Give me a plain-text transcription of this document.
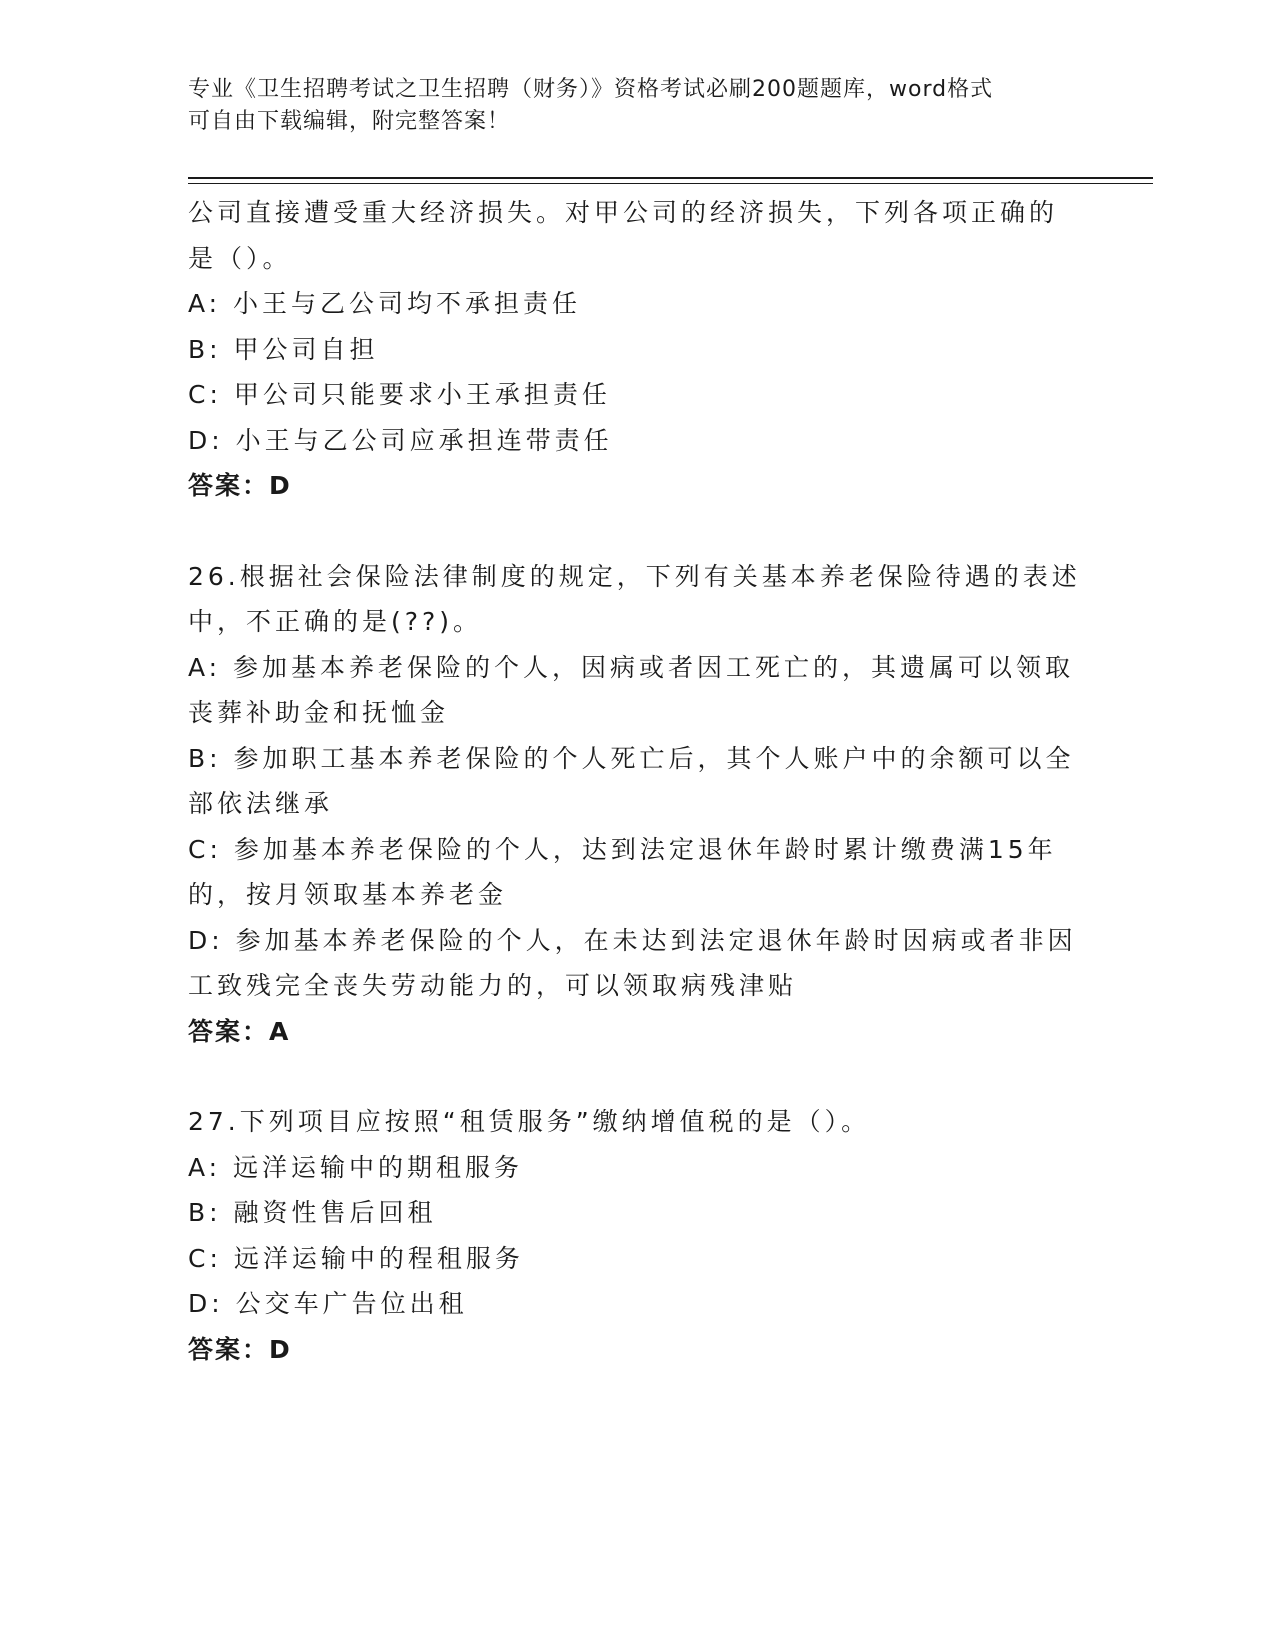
专业《卫生招聘考试之卫生招聘（财务）》资格考试必刷200题题库，word格式
可自由下载编辑，附完整答案！
公司直接遭受重大经济损失。对甲公司的经济损失，下列各项正确的
是（）。
A: 小王与乙公司均不承担责任
B: 甲公司自担
C: 甲公司只能要求小王承担责任
D: 小王与乙公司应承担连带责任
答案：D
26.根据社会保险法律制度的规定，下列有关基本养老保险待遇的表述
中，不正确的是(??)。
A: 参加基本养老保险的个人，因病或者因工死亡的，其遗属可以领取
丧葬补助金和抚恤金
B: 参加职工基本养老保险的个人死亡后，其个人账户中的余额可以全
部依法继承
C: 参加基本养老保险的个人，达到法定退休年龄时累计缴费满15年
的，按月领取基本养老金
D: 参加基本养老保险的个人，在未达到法定退休年龄时因病或者非因
工致残完全丧失劳动能力的，可以领取病残津贴
答案：A
27.下列项目应按照“租赁服务”缴纳增值税的是（）。
A: 远洋运输中的期租服务
B: 融资性售后回租
C: 远洋运输中的程租服务
D: 公交车广告位出租
答案：D
